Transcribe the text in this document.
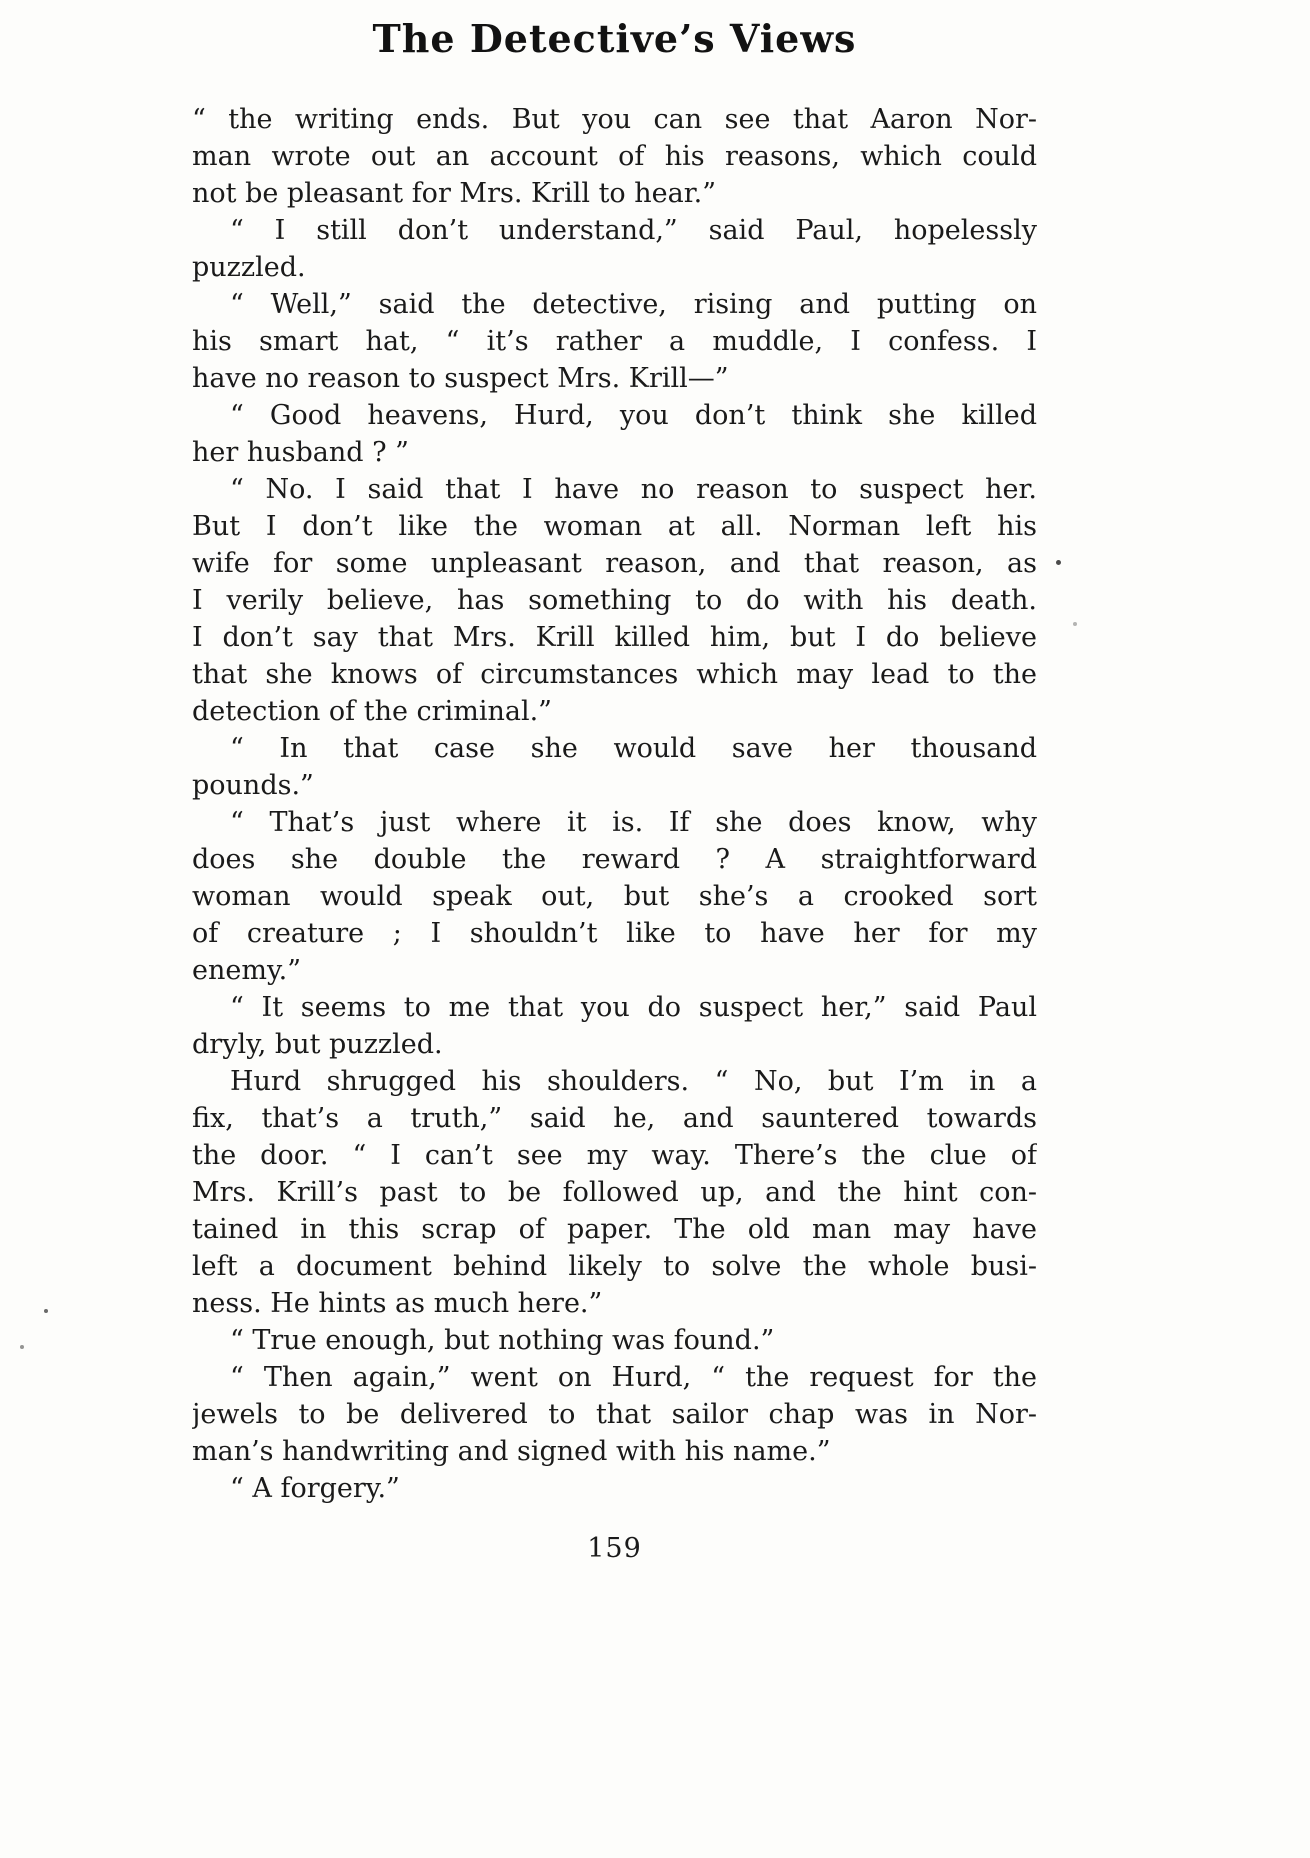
The Detective’s Views
“ the writing ends. But you can see that Aaron Nor-
man wrote out an account of his reasons, which could
not be pleasant for Mrs. Krill to hear.”
“ I still don’t understand,” said Paul, hopelessly
puzzled.
“ Well,” said the detective, rising and putting on
his smart hat, “ it’s rather a muddle, I confess. I
have no reason to suspect Mrs. Krill—”
“ Good heavens, Hurd, you don’t think she killed
her husband ? ”
“ No. I said that I have no reason to suspect her.
But I don’t like the woman at all. Norman left his
wife for some unpleasant reason, and that reason, as
I verily believe, has something to do with his death.
I don’t say that Mrs. Krill killed him, but I do believe
that she knows of circumstances which may lead to the
detection of the criminal.”
“ In that case she would save her thousand
pounds.”
“ That’s just where it is. If she does know, why
does she double the reward ? A straightforward
woman would speak out, but she’s a crooked sort
of creature ; I shouldn’t like to have her for my
enemy.”
“ It seems to me that you do suspect her,” said Paul
dryly, but puzzled.
Hurd shrugged his shoulders. “ No, but I’m in a
fix, that’s a truth,” said he, and sauntered towards
the door. “ I can’t see my way. There’s the clue of
Mrs. Krill’s past to be followed up, and the hint con-
tained in this scrap of paper. The old man may have
left a document behind likely to solve the whole busi-
ness. He hints as much here.”
“ True enough, but nothing was found.”
“ Then again,” went on Hurd, “ the request for the
jewels to be delivered to that sailor chap was in Nor-
man’s handwriting and signed with his name.”
“ A forgery.”
159
